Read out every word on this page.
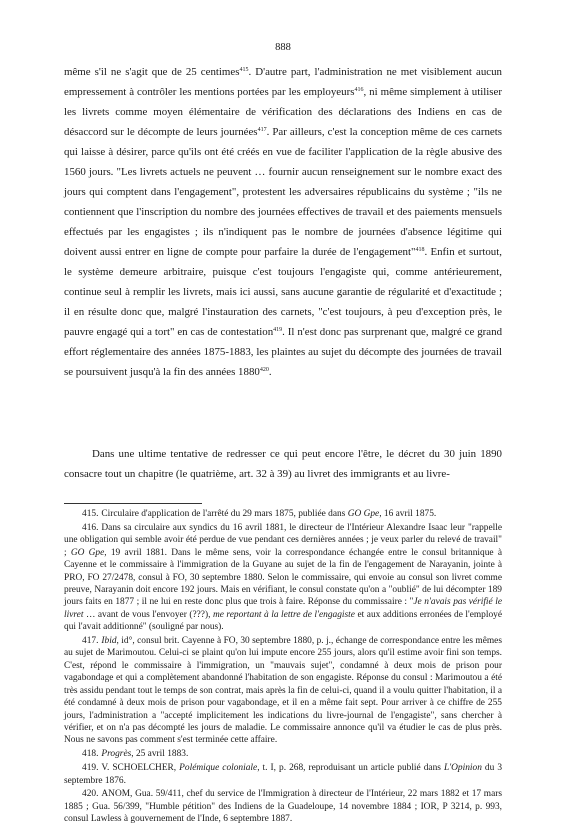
888

même s'il ne s'agit que de 25 centimes$^{415}$. D'autre part, l'administration ne met visiblement aucun empressement à contrôler les mentions portées par les employeurs$^{416}$, ni même simplement à utiliser les livrets comme moyen élémentaire de vérification des déclarations des Indiens en cas de désaccord sur le décompte de leurs journées$^{417}$. Par ailleurs, c'est la conception même de ces carnets qui laisse à désirer, parce qu'ils ont été créés en vue de faciliter l'application de la règle abusive des 1560 jours. "Les livrets actuels ne peuvent … fournir aucun renseignement sur le nombre exact des jours qui comptent dans l'engagement", protestent les adversaires républicains du système ; "ils ne contiennent que l'inscription du nombre des journées effectives de travail et des paiements mensuels effectués par les engagistes ; ils n'indiquent pas le nombre de journées d'absence légitime qui doivent aussi entrer en ligne de compte pour parfaire la durée de l'engagement"$^{418}$. Enfin et surtout, le système demeure arbitraire, puisque c'est toujours l'engagiste qui, comme antérieurement, continue seul à remplir les livrets, mais ici aussi, sans aucune garantie de régularité et d'exactitude ; il en résulte donc que, malgré l'instauration des carnets, "c'est toujours, à peu d'exception près, le pauvre engagé qui a tort" en cas de contestation$^{419}$. Il n'est donc pas surprenant que, malgré ce grand effort réglementaire des années 1875-1883, les plaintes au sujet du décompte des journées de travail se poursuivent jusqu'à la fin des années 1880$^{420}$.

Dans une ultime tentative de redresser ce qui peut encore l'être, le décret du 30 juin 1890 consacre tout un chapitre (le quatrième, art. 32 à 39) au livret des immigrants et au livre-

415. Circulaire d'application de l'arrêté du 29 mars 1875, publiée dans GO Gpe, 16 avril 1875.

416. Dans sa circulaire aux syndics du 16 avril 1881, le directeur de l'Intérieur Alexandre Isaac leur "rappelle une obligation qui semble avoir été perdue de vue pendant ces dernières années ; je veux parler du relevé de travail" ; GO Gpe, 19 avril 1881. Dans le même sens, voir la correspondance échangée entre le consul britannique à Cayenne et le commissaire à l'immigration de la Guyane au sujet de la fin de l'engagement de Narayanin, jointe à PRO, FO 27/2478, consul à FO, 30 septembre 1880. Selon le commissaire, qui envoie au consul son livret comme preuve, Narayanin doit encore 192 jours. Mais en vérifiant, le consul constate qu'on a "oublié" de lui décompter 189 jours faits en 1877 ; il ne lui en reste donc plus que trois à faire. Réponse du commissaire : "Je n'avais pas vérifié le livret … avant de vous l'envoyer (???), me reportant à la lettre de l'engagiste et aux additions erronées de l'employé qui l'avait additionné" (souligné par nous).

417. Ibid, id°, consul brit. Cayenne à FO, 30 septembre 1880, p. j., échange de correspondance entre les mêmes au sujet de Marimoutou. Celui-ci se plaint qu'on lui impute encore 255 jours, alors qu'il estime avoir fini son temps. C'est, répond le commissaire à l'immigration, un "mauvais sujet", condamné à deux mois de prison pour vagabondage et qui a complètement abandonné l'habitation de son engagiste. Réponse du consul : Marimoutou a été très assidu pendant tout le temps de son contrat, mais après la fin de celui-ci, quand il a voulu quitter l'habitation, il a été condamné à deux mois de prison pour vagabondage, et il en a même fait sept. Pour arriver à ce chiffre de 255 jours, l'administration a "accepté implicitement les indications du livre-journal de l'engagiste", sans chercher à vérifier, et on n'a pas décompté les jours de maladie. Le commissaire annonce qu'il va étudier le cas de plus près. Nous ne savons pas comment s'est terminée cette affaire.

418. Progrès, 25 avril 1883.

419. V. SCHOELCHER, Polémique coloniale, t. I, p. 268, reproduisant un article publié dans L'Opinion du 3 septembre 1876.

420. ANOM, Gua. 59/411, chef du service de l'Immigration à directeur de l'Intérieur, 22 mars 1882 et 17 mars 1885 ; Gua. 56/399, "Humble pétition" des Indiens de la Guadeloupe, 14 novembre 1884 ; IOR, P 3214, p. 993, consul Lawless à gouvernement de l'Inde, 6 septembre 1887.
